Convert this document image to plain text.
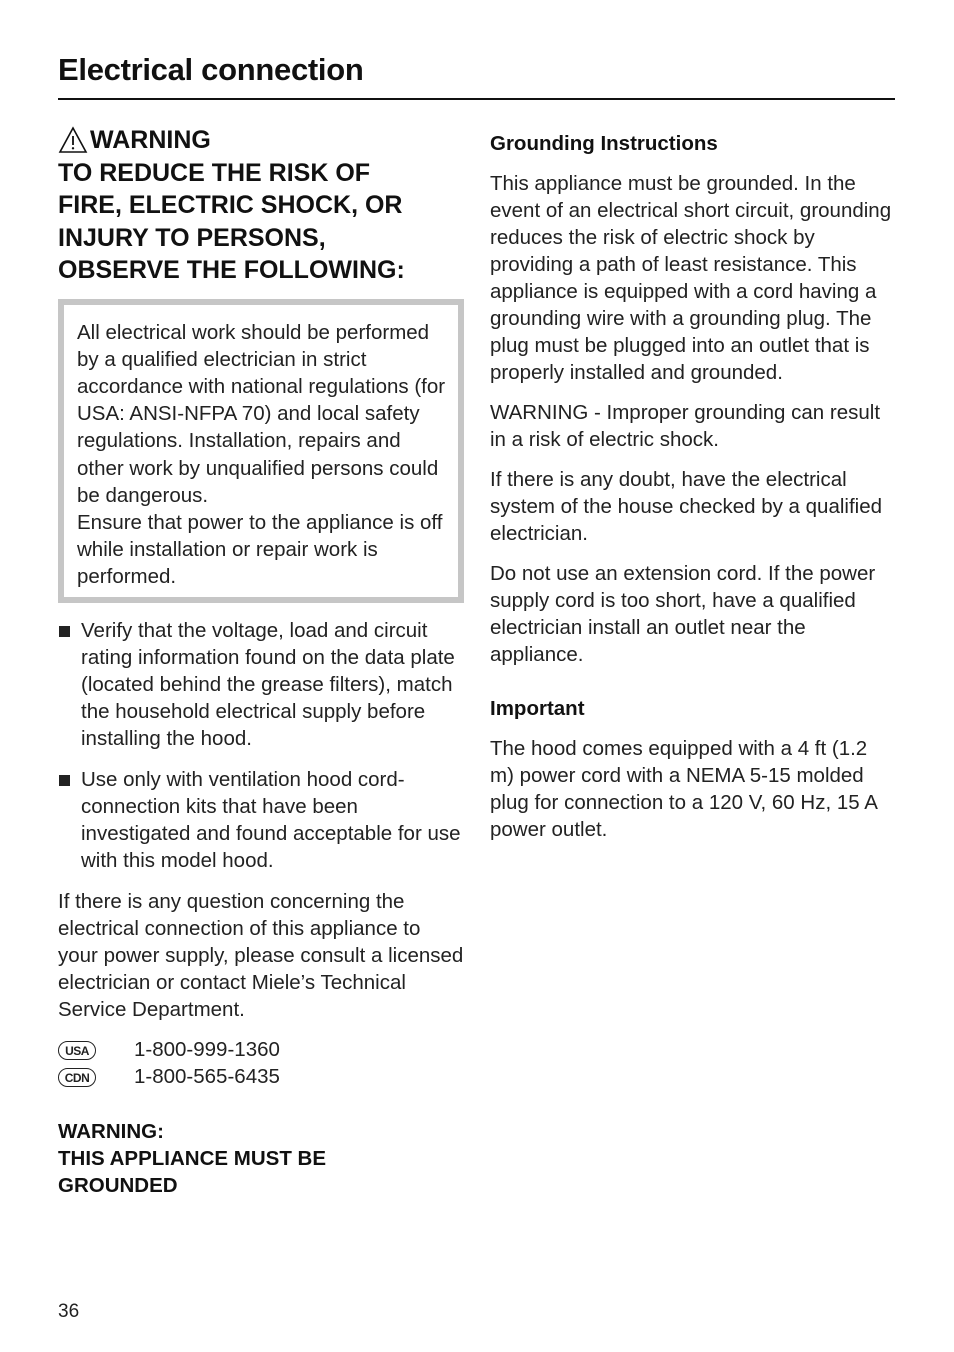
Electrical connection
WARNING
TO REDUCE THE RISK OF
FIRE, ELECTRIC SHOCK, OR
INJURY TO PERSONS,
OBSERVE THE FOLLOWING:

All electrical work should be performed by a qualified electrician in strict accordance with national regulations (for USA: ANSI-NFPA 70) and local safety regulations. Installation, repairs and other work by unqualified persons could be dangerous.

Ensure that power to the appliance is off while installation or repair work is performed.

Verify that the voltage, load and circuit rating information found on the data plate (located behind the grease filters), match the household electrical supply before installing the hood.
Use only with ventilation hood cord-connection kits that have been investigated and found acceptable for use with this model hood.

If there is any question concerning the electrical connection of this appliance to your power supply, please consult a licensed electrician or contact Miele’s Technical Service Department.

USA	1-800-999-1360
CDN	1-800-565-6435
WARNING:
THIS APPLIANCE MUST BE
GROUNDED
Grounding Instructions

This appliance must be grounded. In the event of an electrical short circuit, grounding reduces the risk of electric shock by providing a path of least resistance. This appliance is equipped with a cord having a grounding wire with a grounding plug. The plug must be plugged into an outlet that is properly installed and grounded.

WARNING - Improper grounding can result in a risk of electric shock.

If there is any doubt, have the electrical system of the house checked by a qualified electrician.

Do not use an extension cord. If the power supply cord is too short, have a qualified electrician install an outlet near the appliance.

Important

The hood comes equipped with a 4 ft (1.2 m) power cord with a NEMA 5-15 molded plug for connection to a 120 V, 60 Hz, 15 A power outlet.

36
